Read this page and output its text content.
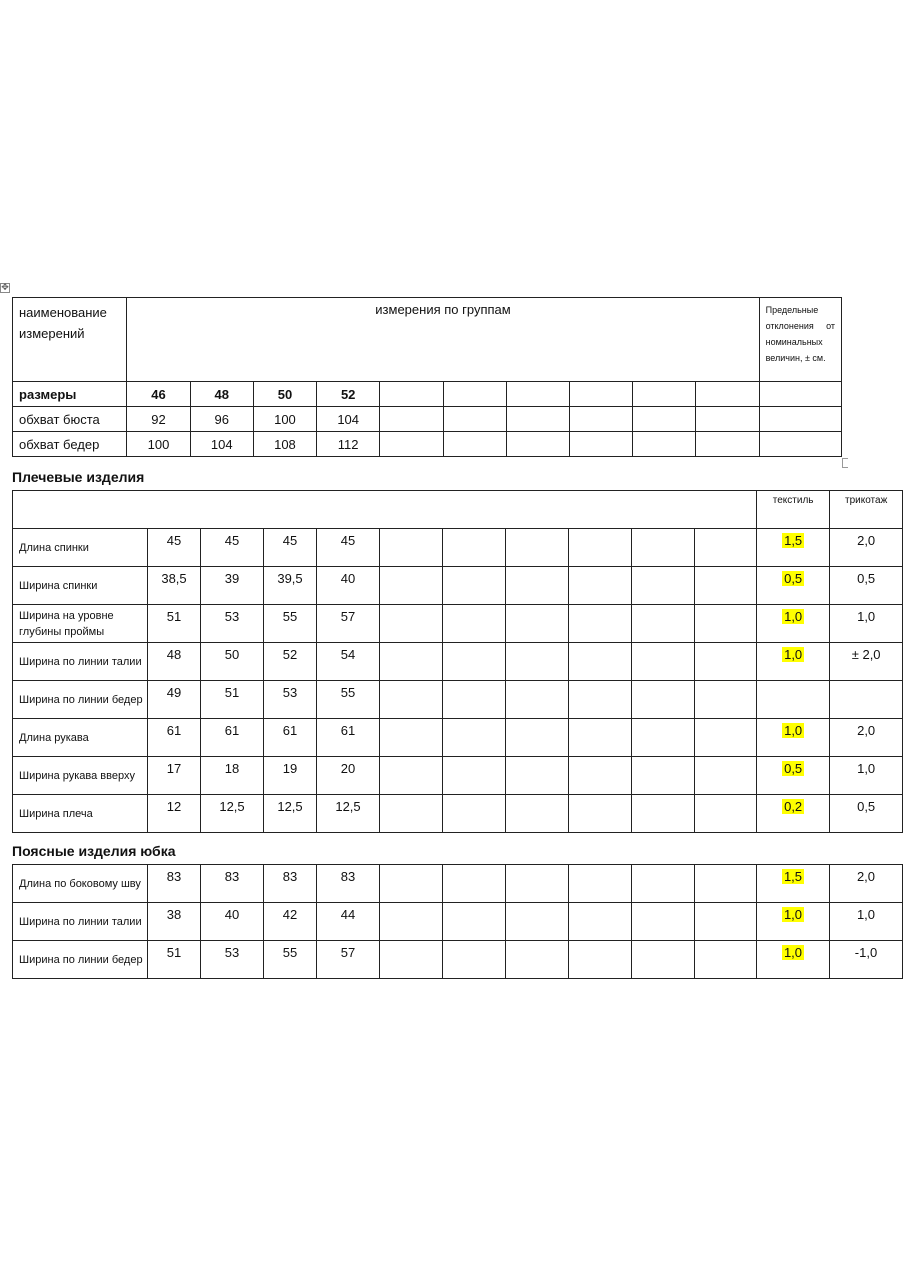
✥
наименование измерений	измерения по группам										Предельные отклонения от номинальных величин, ± см.
размеры	46	48	50	52							
обхват бюста	92	96	100	104							
обхват бедер	100	104	108	112							
Плечевые изделия
											текстиль	трикотаж
Длина спинки	45	45	45	45							1,5	2,0
Ширина спинки	38,5	39	39,5	40							0,5	0,5
Ширина на уровне глубины проймы	51	53	55	57							1,0	1,0
Ширина по линии талии	48	50	52	54							1,0	± 2,0
Ширина по линии бедер	49	51	53	55								
Длина рукава	61	61	61	61							1,0	2,0
Ширина рукава вверху	17	18	19	20							0,5	1,0
Ширина плеча	12	12,5	12,5	12,5							0,2	0,5
Поясные изделия юбка
Длина по боковому шву	83	83	83	83							1,5	2,0
Ширина по линии талии	38	40	42	44							1,0	1,0
Ширина по линии бедер	51	53	55	57							1,0	-1,0
